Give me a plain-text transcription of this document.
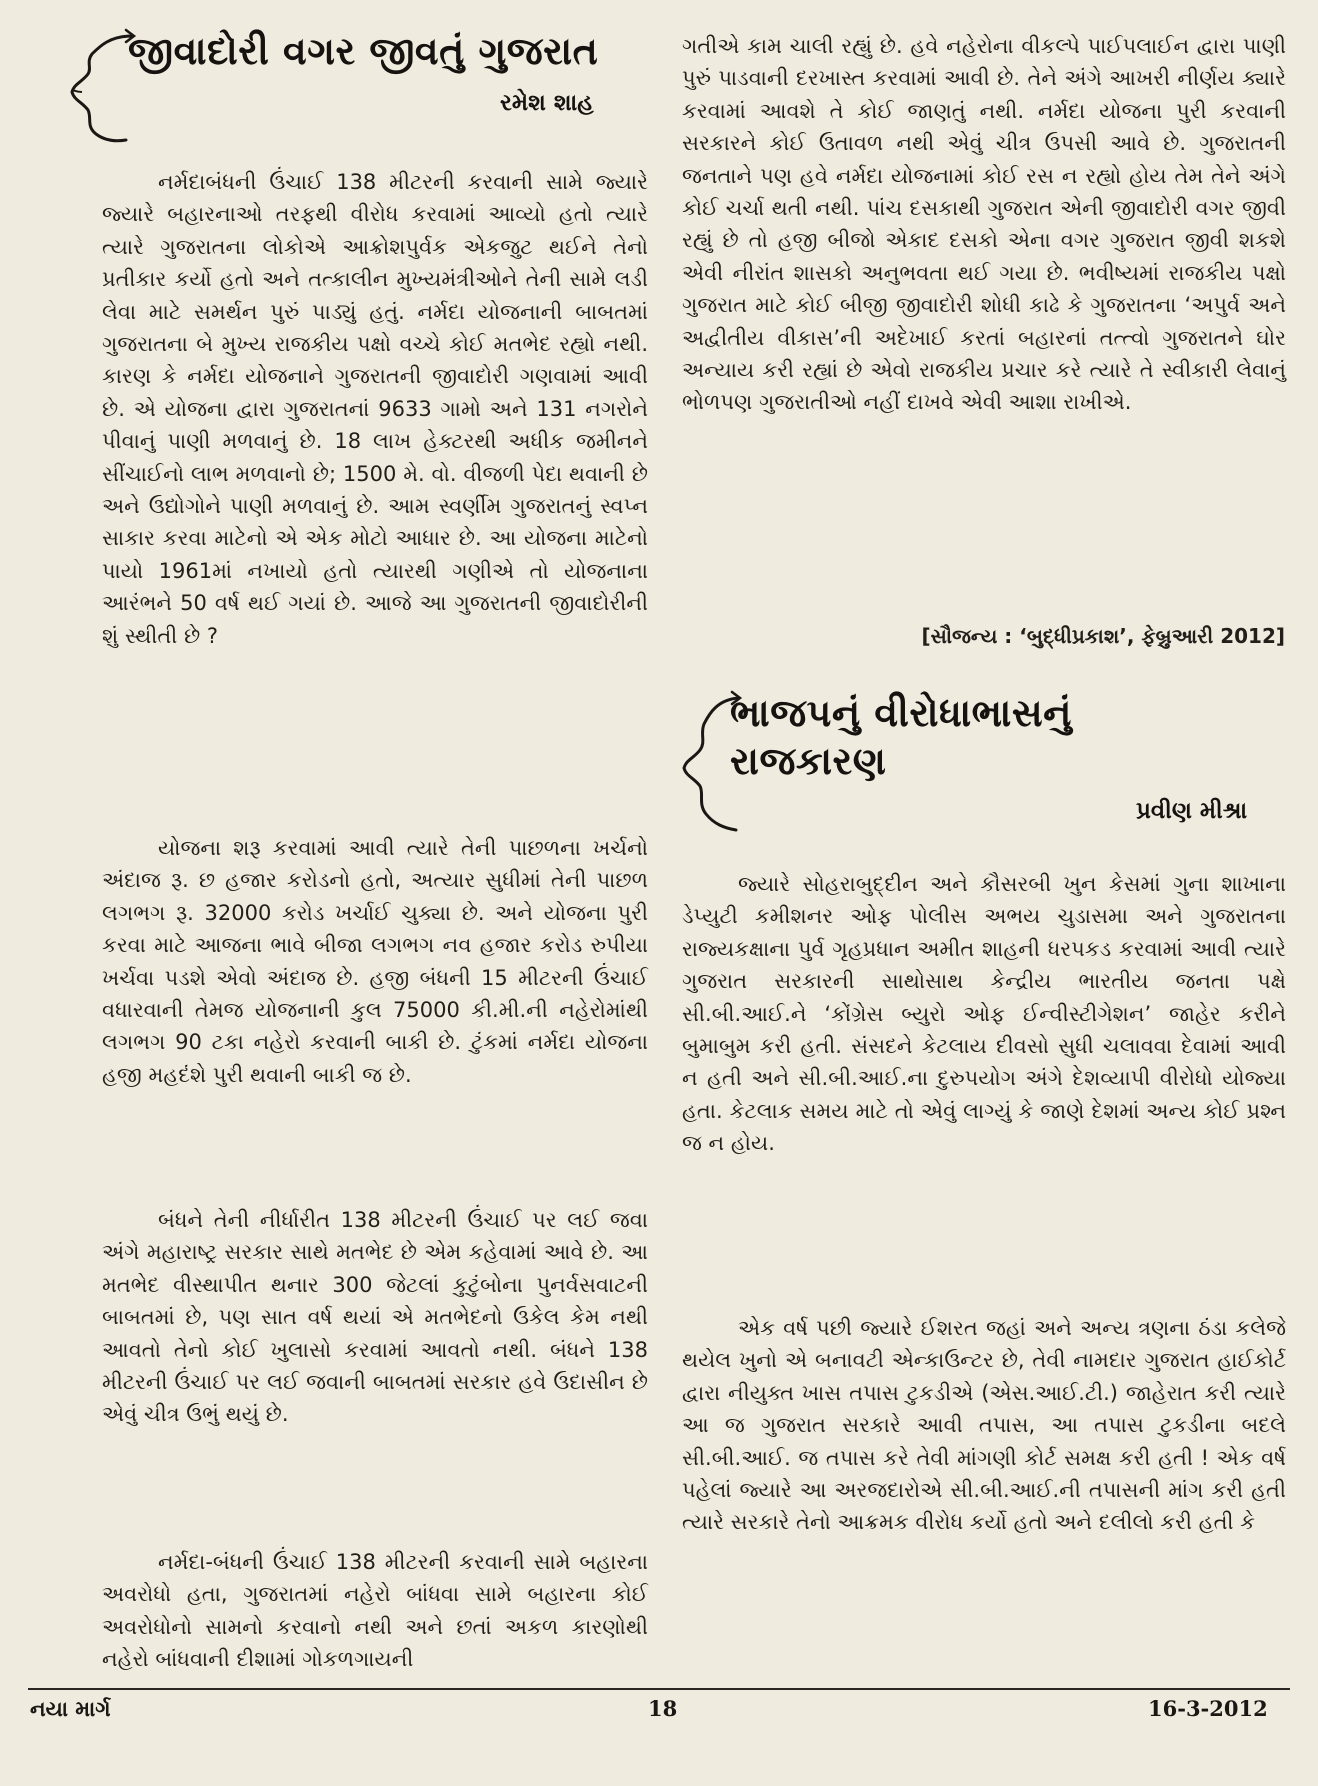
જીવાદોરી વગર જીવતું ગુજરાત
રમેશ શાહ

નર્મદાબંધની ઉંચાઈ 138 મીટરની કરવાની સામે જ્યારે જ્યારે બહારનાઓ તરફથી વીરોધ કરવામાં આવ્યો હતો ત્યારે ત્યારે ગુજરાતના લોકોએ આક્રોશપુર્વક એકજુટ થઈને તેનો પ્રતીકાર કર્યો હતો અને તત્કાલીન મુખ્યમંત્રીઓને તેની સામે લડી લેવા માટે સમર્થન પુરું પાડ્યું હતું. નર્મદા યોજનાની બાબતમાં ગુજરાતના બે મુખ્ય રાજકીય પક્ષો વચ્ચે કોઈ મતભેદ રહ્યો નથી. કારણ કે નર્મદા યોજનાને ગુજરાતની જીવાદોરી ગણવામાં આવી છે. એ યોજના દ્વારા ગુજરાતનાં 9633 ગામો અને 131 નગરોને પીવાનું પાણી મળવાનું છે. 18 લાખ હેક્ટરથી અધીક જમીનને સીંચાઈનો લાભ મળવાનો છે; 1500 મે. વો. વીજળી પેદા થવાની છે અને ઉદ્યોગોને પાણી મળવાનું છે. આમ સ્વર્ણીમ ગુજરાતનું સ્વપ્ન સાકાર કરવા માટેનો એ એક મોટો આધાર છે. આ યોજના માટેનો પાયો 1961માં નખાયો હતો ત્યારથી ગણીએ તો યોજનાના આરંભને 50 વર્ષ થઈ ગયાં છે. આજે આ ગુજરાતની જીવાદોરીની શું સ્થીતી છે ?

યોજના શરૂ કરવામાં આવી ત્યારે તેની પાછળના ખર્ચનો અંદાજ રૂ. છ હજાર કરોડનો હતો, અત્યાર સુધીમાં તેની પાછળ લગભગ રૂ. 32000 કરોડ ખર્ચાઈ ચુક્યા છે. અને યોજના પુરી કરવા માટે આજના ભાવે બીજા લગભગ નવ હજાર કરોડ રુપીયા ખર્ચવા પડશે એવો અંદાજ છે. હજી બંધની 15 મીટરની ઉંચાઈ વધારવાની તેમજ યોજનાની કુલ 75000 કી.મી.ની નહેરોમાંથી લગભગ 90 ટકા નહેરો કરવાની બાકી છે. ટુંકમાં નર્મદા યોજના હજી મહદંશે પુરી થવાની બાકી જ છે.

બંધને તેની નીર્ધારીત 138 મીટરની ઉંચાઈ પર લઈ જવા અંગે મહારાષ્ટ્ર સરકાર સાથે મતભેદ છે એમ કહેવામાં આવે છે. આ મતભેદ વીસ્થાપીત થનાર 300 જેટલાં કુટુંબોના પુનર્વસવાટની બાબતમાં છે, પણ સાત વર્ષ થયાં એ મતભેદનો ઉકેલ કેમ નથી આવતો તેનો કોઈ ખુલાસો કરવામાં આવતો નથી. બંધને 138 મીટરની ઉંચાઈ પર લઈ જવાની બાબતમાં સરકાર હવે ઉદાસીન છે એવું ચીત્ર ઉભું થયું છે.

નર્મદા-બંધની ઉંચાઈ 138 મીટરની કરવાની સામે બહારના અવરોધો હતા, ગુજરાતમાં નહેરો બાંધવા સામે બહારના કોઈ અવરોધોનો સામનો કરવાનો નથી અને છતાં અકળ કારણોથી નહેરો બાંધવાની દીશામાં ગોકળગાયની

ગતીએ કામ ચાલી રહ્યું છે. હવે નહેરોના વીકલ્પે પાઈપલાઈન દ્વારા પાણી પુરું પાડવાની દરખાસ્ત કરવામાં આવી છે. તેને અંગે આખરી નીર્ણય ક્યારે કરવામાં આવશે તે કોઈ જાણતું નથી. નર્મદા યોજના પુરી કરવાની સરકારને કોઈ ઉતાવળ નથી એવું ચીત્ર ઉપસી આવે છે. ગુજરાતની જનતાને પણ હવે નર્મદા યોજનામાં કોઈ રસ ન રહ્યો હોય તેમ તેને અંગે કોઈ ચર્ચા થતી નથી. પાંચ દસકાથી ગુજરાત એની જીવાદોરી વગર જીવી રહ્યું છે તો હજી બીજો એકાદ દસકો એના વગર ગુજરાત જીવી શકશે એવી નીરાંત શાસકો અનુભવતા થઈ ગયા છે. ભવીષ્યમાં રાજકીય પક્ષો ગુજરાત માટે કોઈ બીજી જીવાદોરી શોધી કાઢે કે ગુજરાતના ‘અપુર્વ અને અદ્વીતીય વીકાસ’ની અદેખાઈ કરતાં બહારનાં તત્ત્વો ગુજરાતને ઘોર અન્યાય કરી રહ્યાં છે એવો રાજકીય પ્રચાર કરે ત્યારે તે સ્વીકારી લેવાનું ભોળપણ ગુજરાતીઓ નહીં દાખવે એવી આશા રાખીએ.

[સૌજન્ય : ‘બુદ્ધીપ્રકાશ’, ફેબ્રુઆરી 2012]
ભાજપનું વીરોધાભાસનું
રાજકારણ
પ્રવીણ મીશ્રા

જ્યારે સોહરાબુદ્દીન અને કૌસરબી ખુન કેસમાં ગુના શાખાના ડેપ્યુટી કમીશનર ઓફ પોલીસ અભય ચુડાસમા અને ગુજરાતના રાજ્યકક્ષાના પુર્વ ગૃહપ્રધાન અમીત શાહની ધરપકડ કરવામાં આવી ત્યારે ગુજરાત સરકારની સાથોસાથ કેન્દ્રીય ભારતીય જનતા પક્ષે સી.બી.આઈ.ને ‘કોંગ્રેસ બ્યુરો ઓફ ઈન્વીસ્ટીગેશન’ જાહેર કરીને બુમાબુમ કરી હતી. સંસદને કેટલાય દીવસો સુધી ચલાવવા દેવામાં આવી ન હતી અને સી.બી.આઈ.ના દુરુપયોગ અંગે દેશવ્યાપી વીરોધો યોજ્યા હતા. કેટલાક સમય માટે તો એવું લાગ્યું કે જાણે દેશમાં અન્ય કોઈ પ્રશ્ન જ ન હોય.

એક વર્ષ પછી જ્યારે ઈશરત જહાં અને અન્ય ત્રણના ઠંડા કલેજે થયેલ ખુનો એ બનાવટી એન્કાઉન્ટર છે, તેવી નામદાર ગુજરાત હાઈકોર્ટ દ્વારા નીયુક્ત ખાસ તપાસ ટુકડીએ (એસ.આઈ.ટી.) જાહેરાત કરી ત્યારે આ જ ગુજરાત સરકારે આવી તપાસ, આ તપાસ ટુકડીના બદલે સી.બી.આઈ. જ તપાસ કરે તેવી માંગણી કોર્ટ સમક્ષ કરી હતી ! એક વર્ષ પહેલાં જ્યારે આ અરજદારોએ સી.બી.આઈ.ની તપાસની માંગ કરી હતી ત્યારે સરકારે તેનો આક્રમક વીરોધ કર્યો હતો અને દલીલો કરી હતી કે

નયા માર્ગ	18	16-3-2012
